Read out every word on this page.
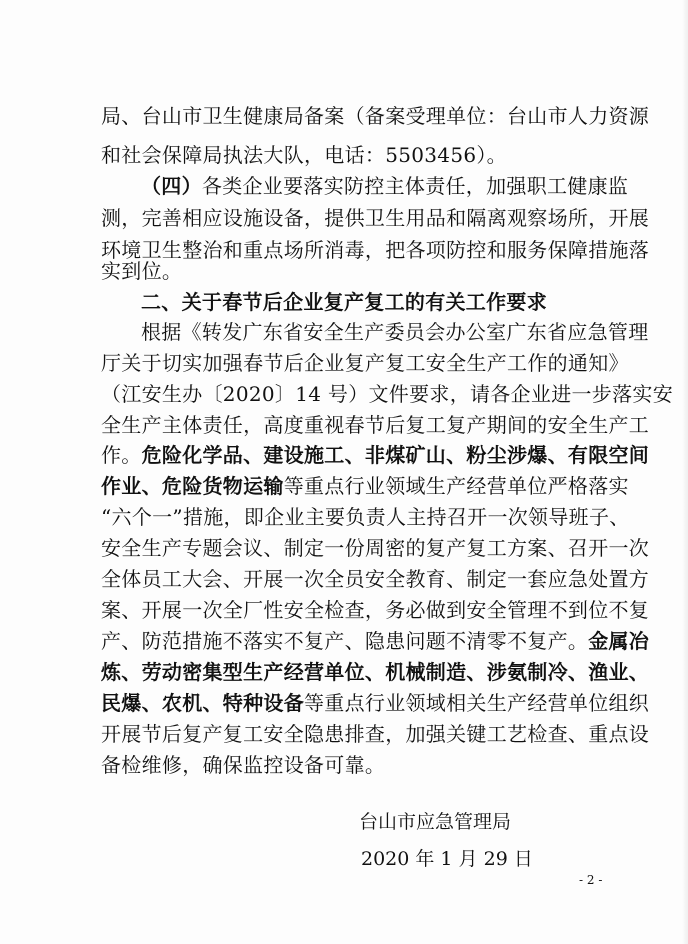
局、台山市卫生健康局备案（备案受理单位：台山市人力资源
和社会保障局执法大队，电话：5503456）。
（四）各类企业要落实防控主体责任，加强职工健康监
测，完善相应设施设备，提供卫生用品和隔离观察场所，开展
环境卫生整治和重点场所消毒，把各项防控和服务保障措施落
实到位。
二、关于春节后企业复产复工的有关工作要求
根据《转发广东省安全生产委员会办公室广东省应急管理
厅关于切实加强春节后企业复产复工安全生产工作的通知》
（江安生办〔2020〕14 号）文件要求，请各企业进一步落实安
全生产主体责任，高度重视春节后复工复产期间的安全生产工
作。危险化学品、建设施工、非煤矿山、粉尘涉爆、有限空间
作业、危险货物运输等重点行业领域生产经营单位严格落实
“六个一”措施，即企业主要负责人主持召开一次领导班子、
安全生产专题会议、制定一份周密的复产复工方案、召开一次
全体员工大会、开展一次全员安全教育、制定一套应急处置方
案、开展一次全厂性安全检查，务必做到安全管理不到位不复
产、防范措施不落实不复产、隐患问题不清零不复产。金属冶
炼、劳动密集型生产经营单位、机械制造、涉氨制冷、渔业、
民爆、农机、特种设备等重点行业领域相关生产经营单位组织
开展节后复产复工安全隐患排查，加强关键工艺检查、重点设
备检维修，确保监控设备可靠。
台山市应急管理局
2020 年 1 月 29 日
- 2 -
